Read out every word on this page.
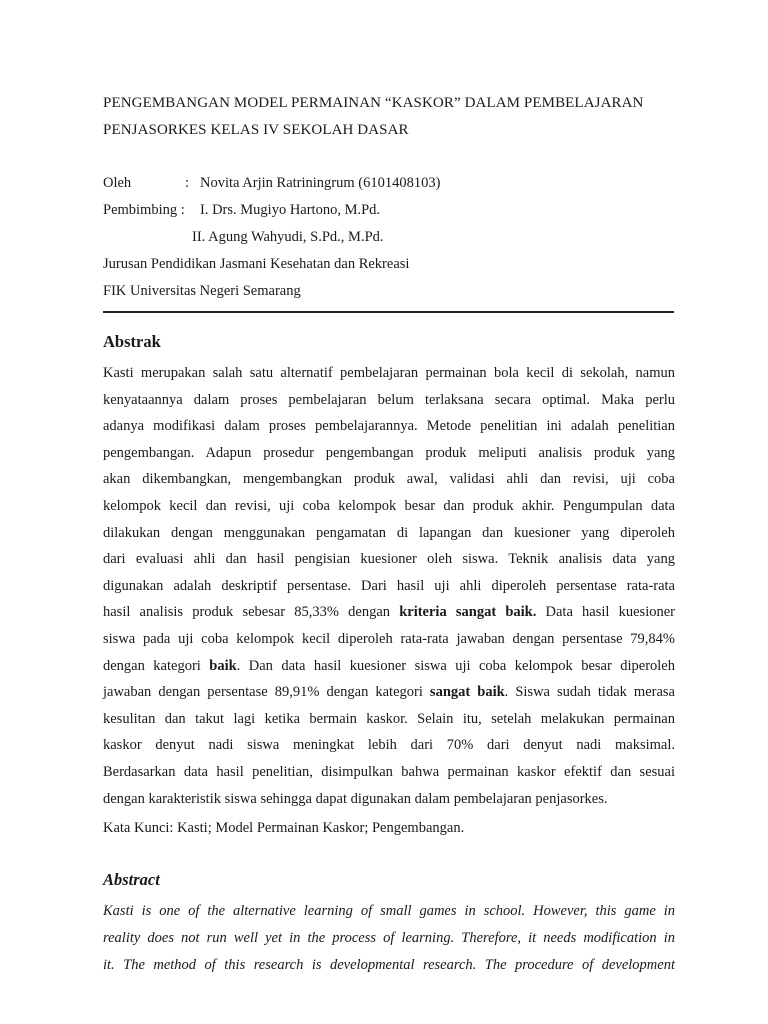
PENGEMBANGAN MODEL PERMAINAN “KASKOR” DALAM PEMBELAJARAN
PENJASORKES KELAS IV SEKOLAH DASAR
Oleh	: Novita Arjin Ratriningrum (6101408103)
Pembimbing : I. Drs. Mugiyo Hartono, M.Pd.
II. Agung Wahyudi, S.Pd., M.Pd.
Jurusan Pendidikan Jasmani Kesehatan dan Rekreasi
FIK Universitas Negeri Semarang
Abstrak
Kasti merupakan salah satu alternatif pembelajaran permainan bola kecil di sekolah, namun
kenyataannya dalam proses pembelajaran belum terlaksana secara optimal. Maka perlu
adanya modifikasi dalam proses pembelajarannya. Metode penelitian ini adalah penelitian
pengembangan. Adapun prosedur pengembangan produk meliputi analisis produk yang
akan dikembangkan, mengembangkan produk awal, validasi ahli dan revisi, uji coba
kelompok kecil dan revisi, uji coba kelompok besar dan produk akhir. Pengumpulan data
dilakukan dengan menggunakan pengamatan di lapangan dan kuesioner yang diperoleh
dari evaluasi ahli dan hasil pengisian kuesioner oleh siswa. Teknik analisis data yang
digunakan adalah deskriptif persentase. Dari hasil uji ahli diperoleh persentase rata-rata
hasil analisis produk sebesar 85,33% dengan kriteria sangat baik. Data hasil kuesioner
siswa pada uji coba kelompok kecil diperoleh rata-rata jawaban dengan persentase 79,84%
dengan kategori baik. Dan data hasil kuesioner siswa uji coba kelompok besar diperoleh
jawaban dengan persentase 89,91% dengan kategori sangat baik. Siswa sudah tidak merasa
kesulitan dan takut lagi ketika bermain kaskor. Selain itu, setelah melakukan permainan
kaskor denyut nadi siswa meningkat lebih dari 70% dari denyut nadi maksimal.
Berdasarkan data hasil penelitian, disimpulkan bahwa permainan kaskor efektif dan sesuai
dengan karakteristik siswa sehingga dapat digunakan dalam pembelajaran penjasorkes.
Kata Kunci: Kasti; Model Permainan Kaskor; Pengembangan.
Abstract
Kasti is one of the alternative learning of small games in school. However, this game in
reality does not run well yet in the process of learning. Therefore, it needs modification in
it. The method of this research is developmental research. The procedure of development
